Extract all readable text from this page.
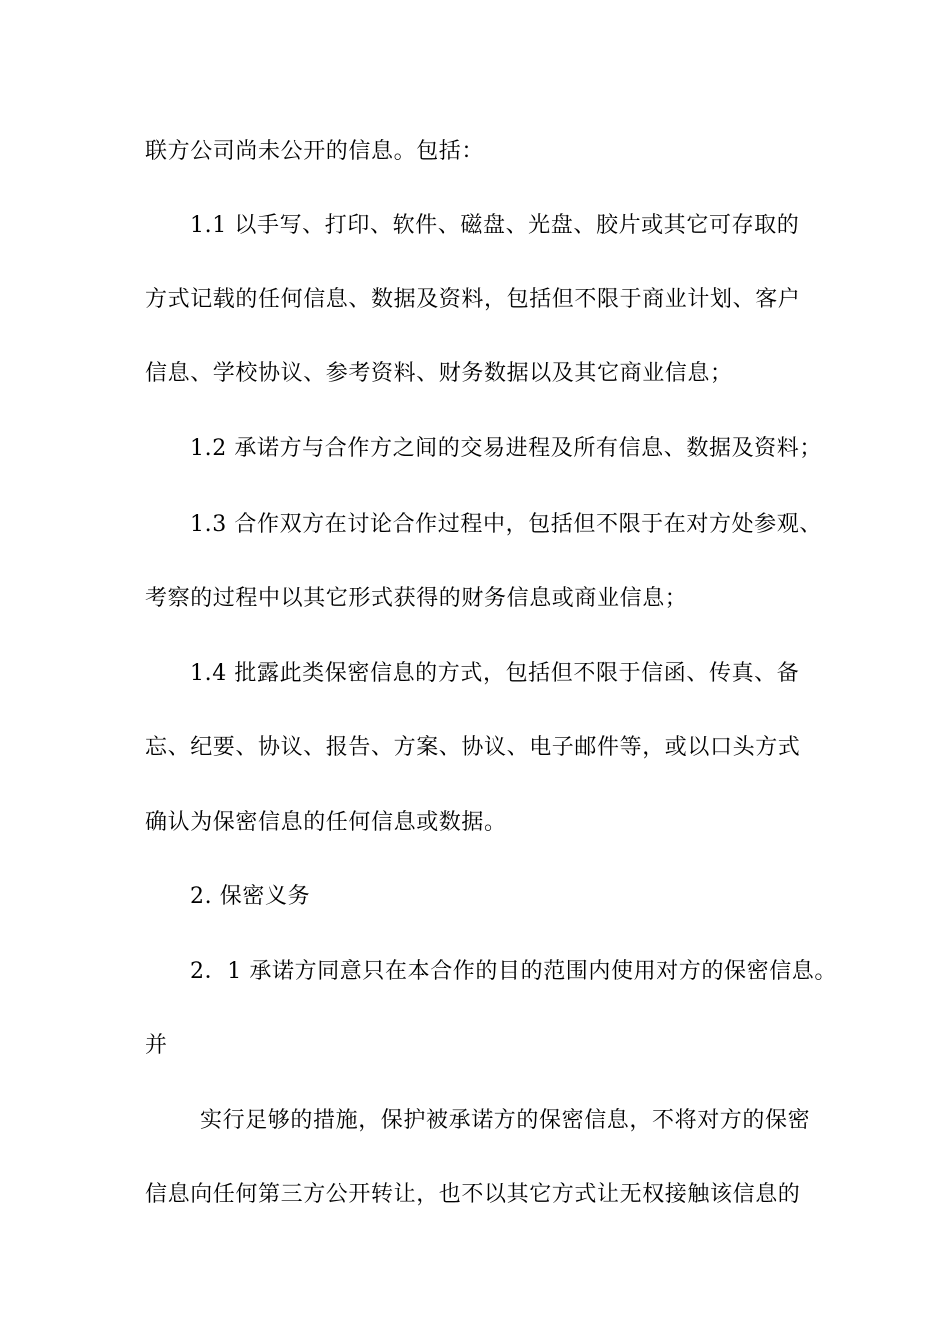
联方公司尚未公开的信息。包括：
1.1 以手写、打印、软件、磁盘、光盘、胶片或其它可存取的
方式记载的任何信息、数据及资料，包括但不限于商业计划、客户
信息、学校协议、参考资料、财务数据以及其它商业信息；
1.2 承诺方与合作方之间的交易进程及所有信息、数据及资料；
1.3 合作双方在讨论合作过程中，包括但不限于在对方处参观、
考察的过程中以其它形式获得的财务信息或商业信息；
1.4 批露此类保密信息的方式，包括但不限于信函、传真、备
忘、纪要、协议、报告、方案、协议、电子邮件等，或以口头方式
确认为保密信息的任何信息或数据。
2. 保密义务
2．1 承诺方同意只在本合作的目的范围内使用对方的保密信息。
并
实行足够的措施，保护被承诺方的保密信息，不将对方的保密
信息向任何第三方公开转让，也不以其它方式让无权接触该信息的
